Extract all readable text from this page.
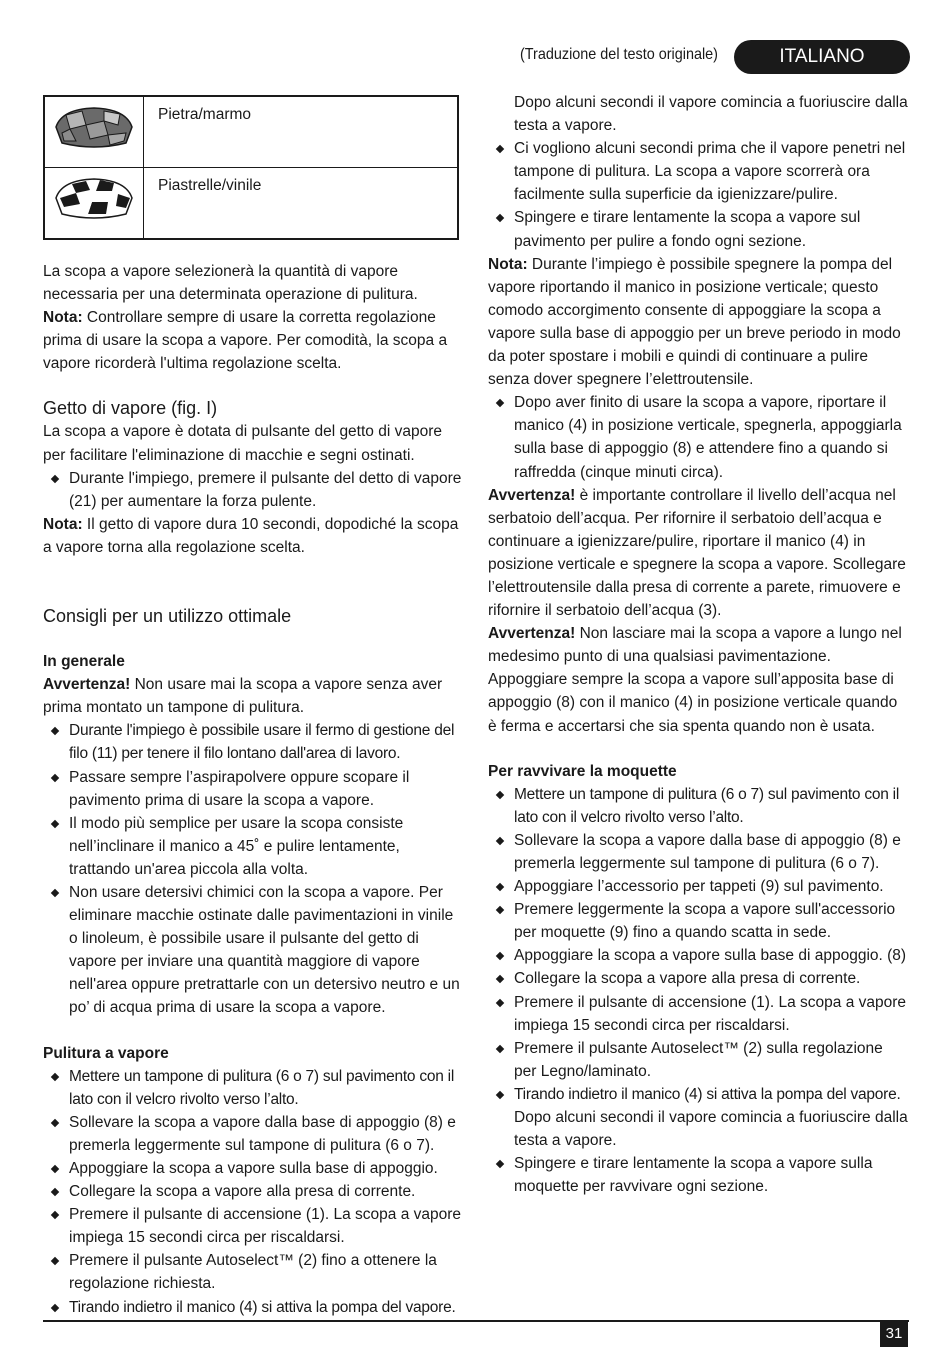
(Traduzione del testo originale)	ITALIANO
	Pietra/marmo
	Piastrelle/vinile

La scopa a vapore selezionerà la quantità di vapore necessaria per una determinata operazione di pulitura.

Nota: Controllare sempre di usare la corretta regolazione prima di usare la scopa a vapore. Per comodità, la scopa a vapore ricorderà l'ultima regolazione scelta.

Getto di vapore (fig. I)

La scopa a vapore è dotata di pulsante del getto di vapore per facilitare l'eliminazione di macchie e segni ostinati.

Durante l'impiego, premere il pulsante del detto di vapore (21) per aumentare la forza pulente.

Nota: Il getto di vapore dura 10 secondi, dopodiché la scopa a vapore torna alla regolazione scelta.

Consigli per un utilizzo ottimale

In generale

Avvertenza! Non usare mai la scopa a vapore senza aver prima montato un tampone di pulitura.

Durante l'impiego è possibile usare il fermo di gestione del filo (11) per tenere il filo lontano dall'area di lavoro.
Passare sempre l’aspirapolvere oppure scopare il pavimento prima di usare la scopa a vapore.
Il modo più semplice per usare la scopa consiste nell’inclinare il manico a 45˚ e pulire lentamente, trattando un'area piccola alla volta.
Non usare detersivi chimici con la scopa a vapore. Per eliminare macchie ostinate dalle pavimentazioni in vinile o linoleum, è possibile usare il pulsante del getto di vapore per inviare una quantità maggiore di vapore nell'area oppure pretrattarle con un detersivo neutro e un po’ di acqua prima di usare la scopa a vapore.

Pulitura a vapore

Mettere un tampone di pulitura (6 o 7) sul pavimento con il lato con il velcro rivolto verso l’alto.
Sollevare la scopa a vapore dalla base di appoggio (8) e premerla leggermente sul tampone di pulitura (6 o 7).
Appoggiare la scopa a vapore sulla base di appoggio.
Collegare la scopa a vapore alla presa di corrente.
Premere il pulsante di accensione (1). La scopa a vapore impiega 15 secondi circa per riscaldarsi.
Premere il pulsante Autoselect™ (2) fino a ottenere la regolazione richiesta.
Tirando indietro il manico (4) si attiva la pompa del vapore.

Dopo alcuni secondi il vapore comincia a fuoriuscire dalla testa a vapore.

Ci vogliono alcuni secondi prima che il vapore penetri nel tampone di pulitura. La scopa a vapore scorrerà ora facilmente sulla superficie da igienizzare/pulire.
Spingere e tirare lentamente la scopa a vapore sul pavimento per pulire a fondo ogni sezione.

Nota: Durante l’impiego è possibile spegnere la pompa del vapore riportando il manico in posizione verticale; questo comodo accorgimento consente di appoggiare la scopa a vapore sulla base di appoggio per un breve periodo in modo da poter spostare i mobili e quindi di continuare a pulire senza dover spegnere l’elettroutensile.

Dopo aver finito di usare la scopa a vapore, riportare il manico (4) in posizione verticale, spegnerla, appoggiarla sulla base di appoggio (8) e attendere fino a quando si raffredda (cinque minuti circa).

Avvertenza! è importante controllare il livello dell’acqua nel serbatoio dell’acqua. Per rifornire il serbatoio dell’acqua e continuare a igienizzare/pulire, riportare il manico (4) in posizione verticale e spegnere la scopa a vapore. Scollegare l’elettroutensile dalla presa di corrente a parete, rimuovere e rifornire il serbatoio dell’acqua (3).

Avvertenza! Non lasciare mai la scopa a vapore a lungo nel medesimo punto di una qualsiasi pavimentazione. Appoggiare sempre la scopa a vapore sull’apposita base di appoggio (8) con il manico (4) in posizione verticale quando è ferma e accertarsi che sia spenta quando non è usata.

Per ravvivare la moquette

Mettere un tampone di pulitura (6 o 7) sul pavimento con il lato con il velcro rivolto verso l’alto.
Sollevare la scopa a vapore dalla base di appoggio (8) e premerla leggermente sul tampone di pulitura (6 o 7).
Appoggiare l’accessorio per tappeti (9) sul pavimento.
Premere leggermente la scopa a vapore sull'accessorio per moquette (9) fino a quando scatta in sede.
Appoggiare la scopa a vapore sulla base di appoggio. (8)
Collegare la scopa a vapore alla presa di corrente.
Premere il pulsante di accensione (1). La scopa a vapore impiega 15 secondi circa per riscaldarsi.
Premere il pulsante Autoselect™ (2) sulla regolazione per Legno/laminato.
Tirando indietro il manico (4) si attiva la pompa del vapore.

Dopo alcuni secondi il vapore comincia a fuoriuscire dalla testa a vapore.

Spingere e tirare lentamente la scopa a vapore sulla moquette per ravvivare ogni sezione.
31
